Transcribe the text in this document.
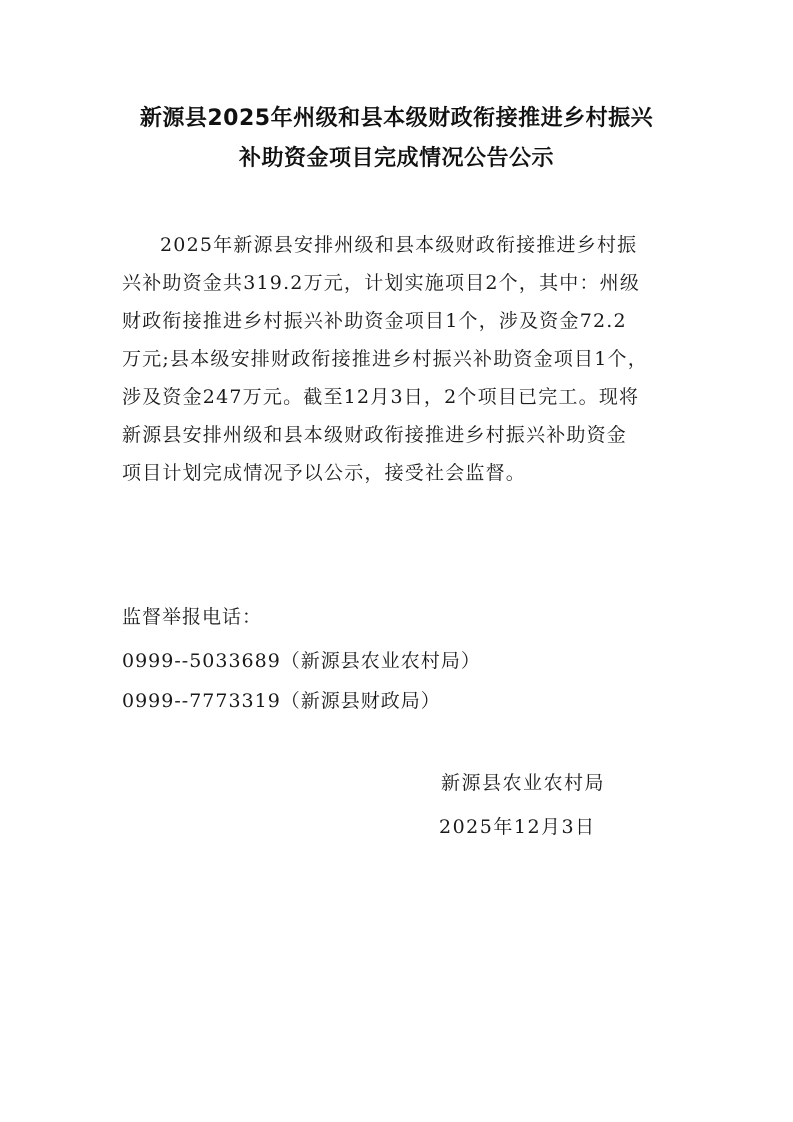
新源县2025年州级和县本级财政衔接推进乡村振兴
补助资金项目完成情况公告公示
2025年新源县安排州级和县本级财政衔接推进乡村振
兴补助资金共319.2万元，计划实施项目2个，其中：州级
财政衔接推进乡村振兴补助资金项目1个，涉及资金72.2
万元;县本级安排财政衔接推进乡村振兴补助资金项目1个，
涉及资金247万元。截至12月3日，2个项目已完工。现将
新源县安排州级和县本级财政衔接推进乡村振兴补助资金
项目计划完成情况予以公示，接受社会监督。
监督举报电话：
0999--5033689（新源县农业农村局）
0999--7773319（新源县财政局）
新源县农业农村局
2025年12月3日
